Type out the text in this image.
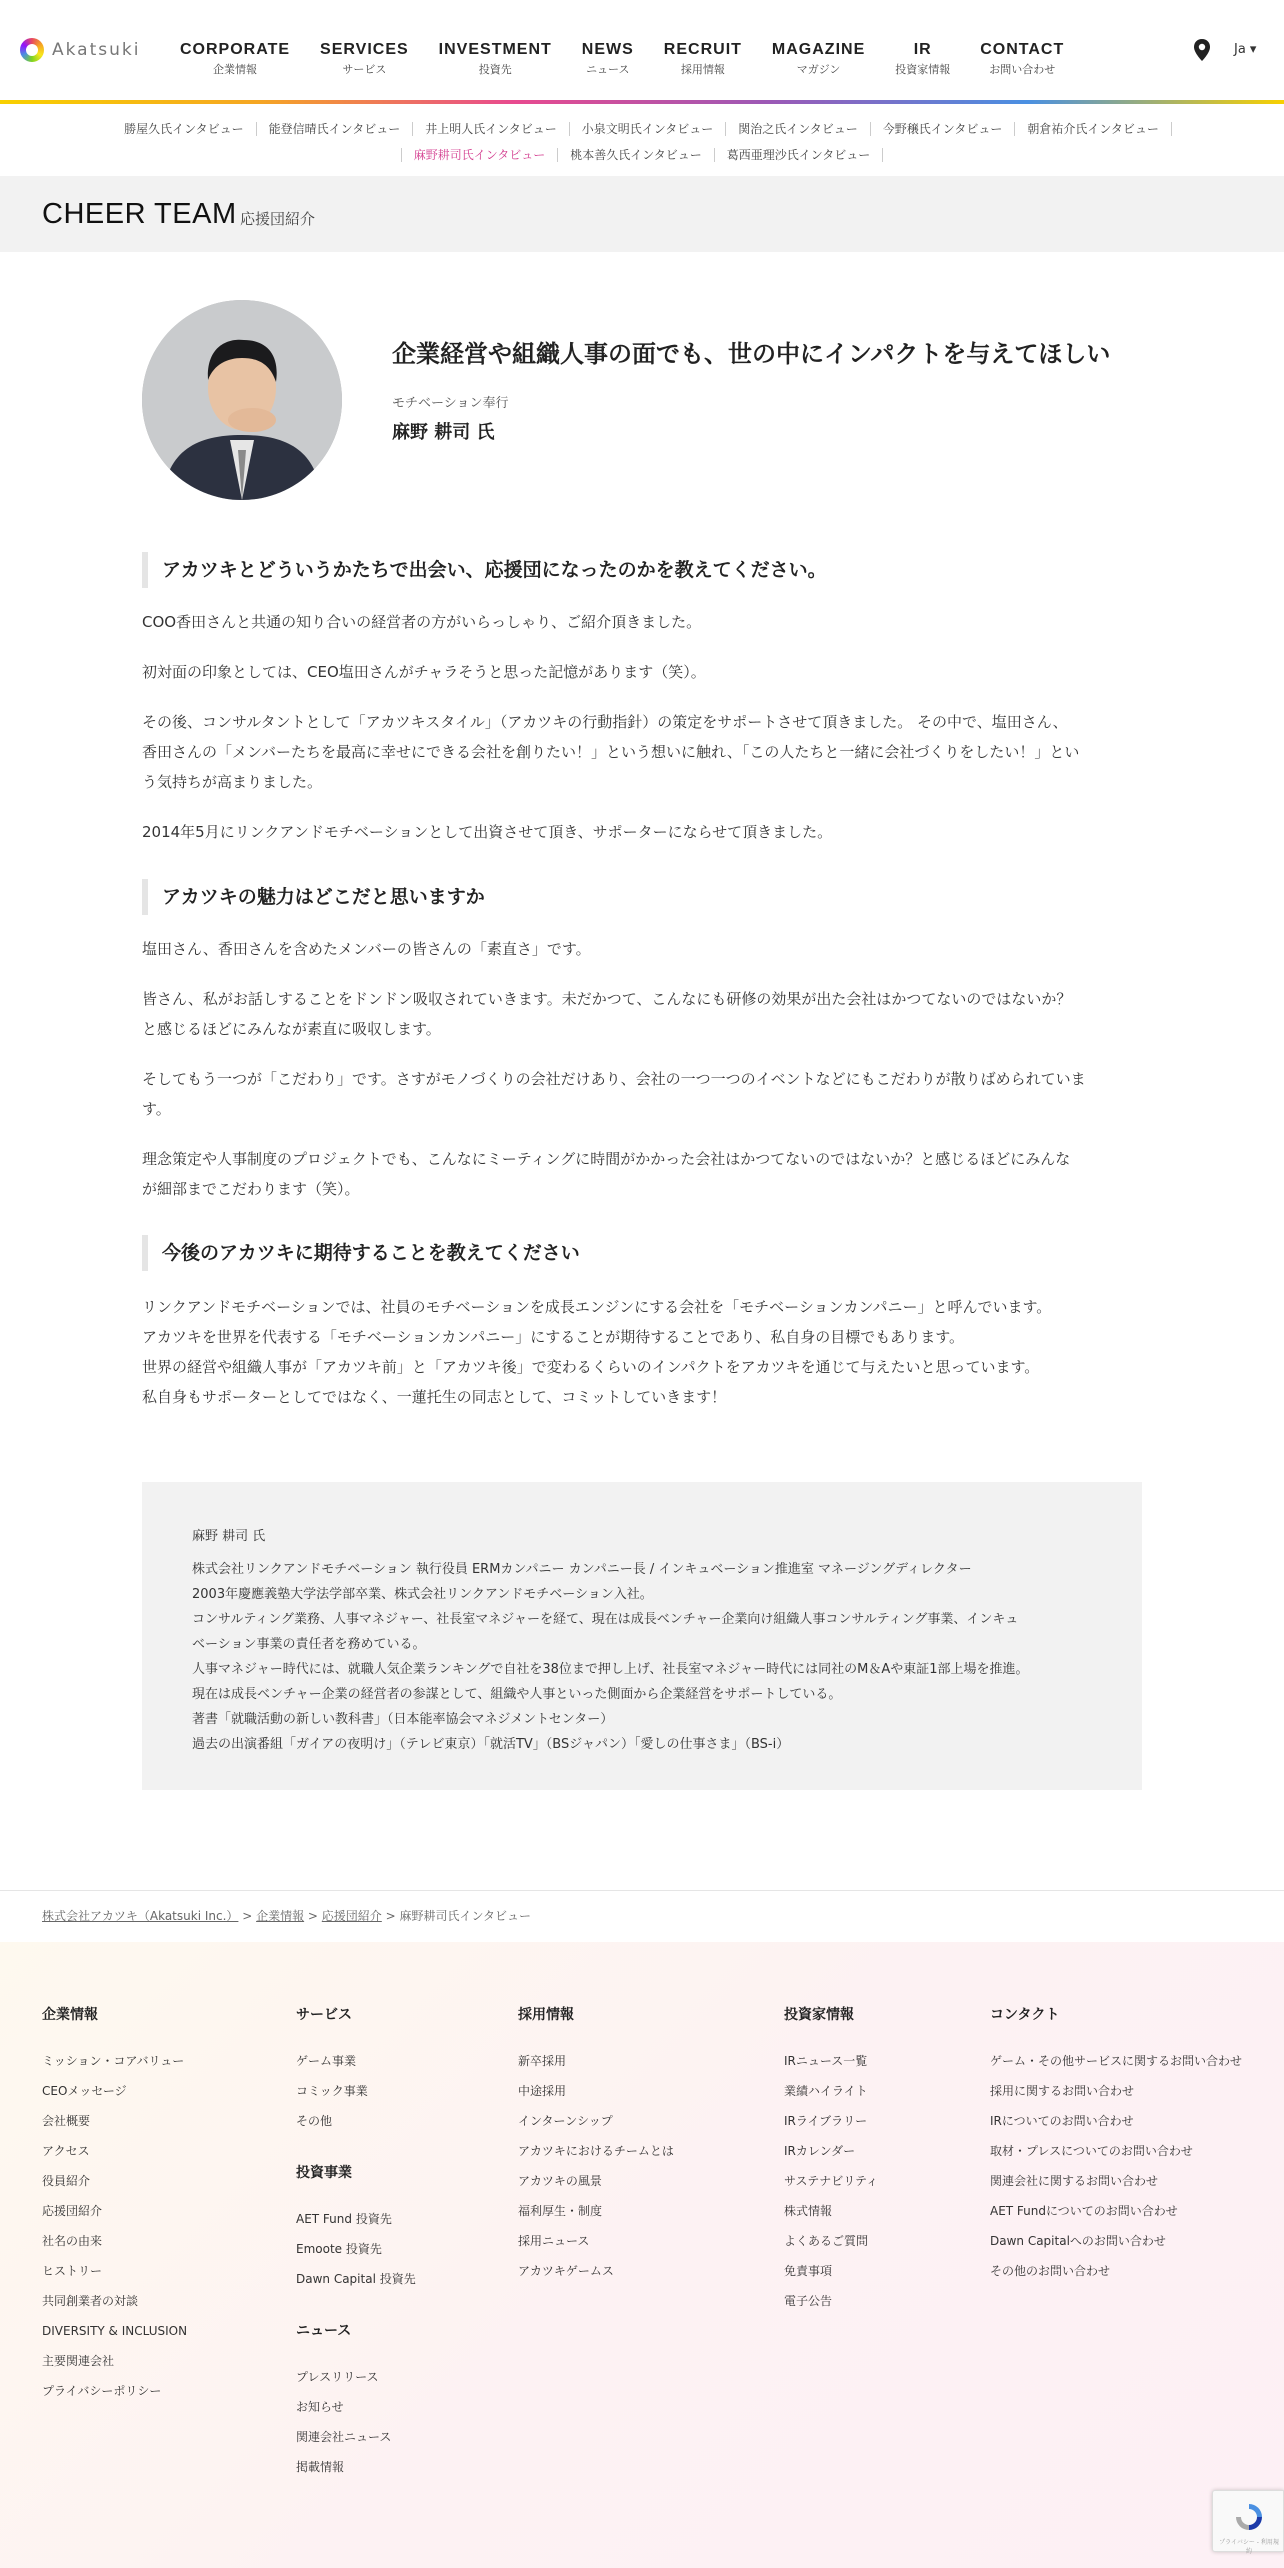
Akatsuki CORPORATE
企業情報
SERVICES
サービス
INVESTMENT
投資先
NEWS
ニュース
RECRUIT
採用情報
MAGAZINE
マガジン
IR
投資家情報
CONTACT
お問い合わせ
Ja ▾
勝屋久氏インタビュー	能登信晴氏インタビュー	井上明人氏インタビュー	小泉文明氏インタビュー	関治之氏インタビュー	今野穣氏インタビュー	朝倉祐介氏インタビュー
麻野耕司氏インタビュー	桃本善久氏インタビュー	葛西亜理沙氏インタビュー
CHEER TEAM 応援団紹介
企業経営や組織人事の面でも、世の中にインパクトを与えてほしい
モチベーション奉行
麻野 耕司 氏
アカツキとどういうかたちで出会い、応援団になったのかを教えてください。
COO香田さんと共通の知り合いの経営者の方がいらっしゃり、ご紹介頂きました。
初対面の印象としては、CEO塩田さんがチャラそうと思った記憶があります（笑）。
その後、コンサルタントとして「アカツキスタイル」（アカツキの行動指針）の策定をサポートさせて頂きました。 その中で、塩田さん、
香田さんの「メンバーたちを最高に幸せにできる会社を創りたい！」という想いに触れ、「この人たちと一緒に会社づくりをしたい！」とい
う気持ちが高まりました。
2014年5月にリンクアンドモチベーションとして出資させて頂き、サポーターにならせて頂きました。
アカツキの魅力はどこだと思いますか
塩田さん、香田さんを含めたメンバーの皆さんの「素直さ」です。
皆さん、私がお話しすることをドンドン吸収されていきます。未だかつて、こんなにも研修の効果が出た会社はかつてないのではないか？
と感じるほどにみんなが素直に吸収します。
そしてもう一つが「こだわり」です。さすがモノづくりの会社だけあり、会社の一つ一つのイベントなどにもこだわりが散りばめられていま
す。
理念策定や人事制度のプロジェクトでも、こんなにミーティングに時間がかかった会社はかつてないのではないか？と感じるほどにみんな
が細部までこだわります（笑）。
今後のアカツキに期待することを教えてください
リンクアンドモチベーションでは、社員のモチベーションを成長エンジンにする会社を「モチベーションカンパニー」と呼んでいます。
アカツキを世界を代表する「モチベーションカンパニー」にすることが期待することであり、私自身の目標でもあります。
世界の経営や組織人事が「アカツキ前」と「アカツキ後」で変わるくらいのインパクトをアカツキを通じて与えたいと思っています。
私自身もサポーターとしてではなく、一蓮托生の同志として、コミットしていきます！
麻野 耕司 氏
株式会社リンクアンドモチベーション 執行役員 ERMカンパニー カンパニー長 / インキュベーション推進室 マネージングディレクター
2003年慶應義塾大学法学部卒業、株式会社リンクアンドモチベーション入社。
コンサルティング業務、人事マネジャー、社長室マネジャーを経て、現在は成長ベンチャー企業向け組織人事コンサルティング事業、インキュ
ベーション事業の責任者を務めている。
人事マネジャー時代には、就職人気企業ランキングで自社を38位まで押し上げ、社長室マネジャー時代には同社のM＆Aや東証1部上場を推進。
現在は成長ベンチャー企業の経営者の参謀として、組織や人事といった側面から企業経営をサポートしている。
著書「就職活動の新しい教科書」（日本能率協会マネジメントセンター）
過去の出演番組「ガイアの夜明け」（テレビ東京）「就活TV」（BSジャパン）「愛しの仕事さま」（BS-i）
株式会社アカツキ（Akatsuki Inc.） > 企業情報 > 応援団紹介 > 麻野耕司氏インタビュー
企業情報
ミッション・コアバリュー
CEOメッセージ
会社概要
アクセス
役員紹介
応援団紹介
社名の由来
ヒストリー
共同創業者の対談
DIVERSITY & INCLUSION
主要関連会社
プライバシーポリシー
サービス
ゲーム事業
コミック事業
その他
投資事業
AET Fund 投資先
Emoote 投資先
Dawn Capital 投資先
ニュース
プレスリリース
お知らせ
関連会社ニュース
掲載情報
採用情報
新卒採用
中途採用
インターンシップ
アカツキにおけるチームとは
アカツキの風景
福利厚生・制度
採用ニュース
アカツキゲームス
投資家情報
IRニュース一覧
業績ハイライト
IRライブラリー
IRカレンダー
サステナビリティ
株式情報
よくあるご質問
免責事項
電子公告
コンタクト
ゲーム・その他サービスに関するお問い合わせ
採用に関するお問い合わせ
IRについてのお問い合わせ
取材・プレスについてのお問い合わせ
関連会社に関するお問い合わせ
AET Fundについてのお問い合わせ
Dawn Capitalへのお問い合わせ
その他のお問い合わせ
プライバシー - 利用規約
